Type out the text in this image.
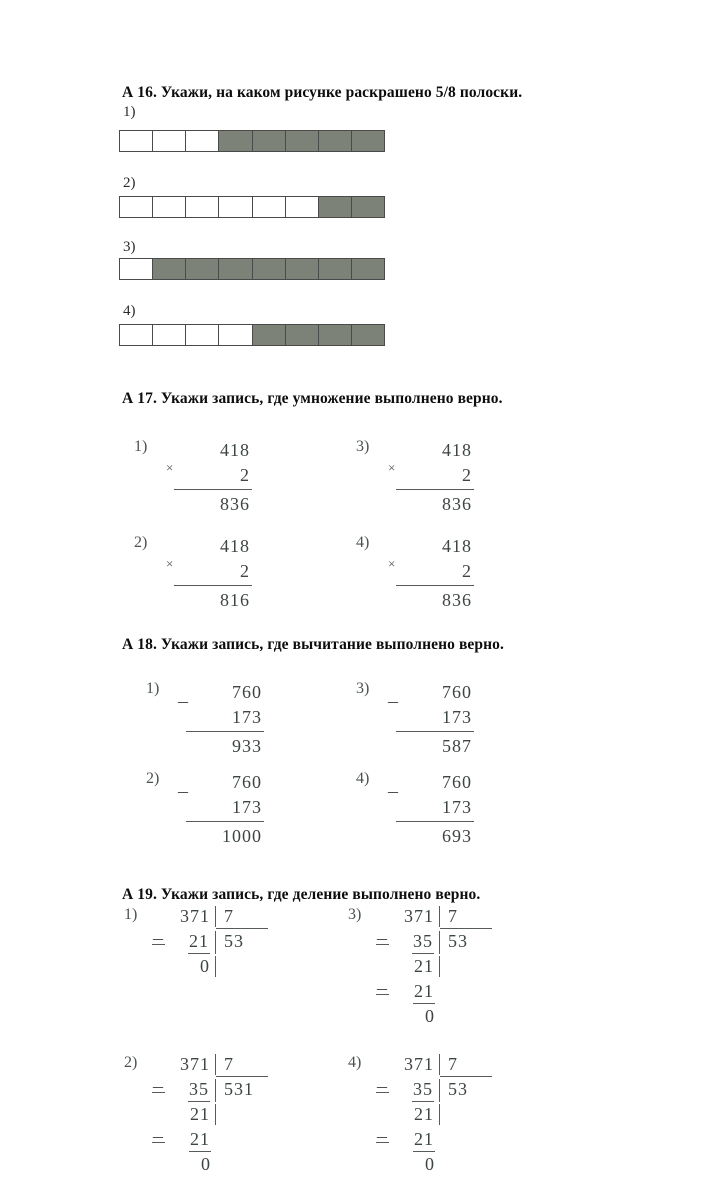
А 16. Укажи, на каком рисунке раскрашено 5/8 полоски.
1)
2)
3)
4)
А 17. Укажи запись, где умножение выполнено верно.
1)
×
418
2
836
2)
×
418
2
816
3)
×
418
2
836
4)
×
418
2
836
А 18. Укажи запись, где вычитание выполнено верно.
1)
–	760
173
933
2)
–	760
173
1000
3)
–	760
173
587
4)
–	760
173
693
А 19. Укажи запись, где деление выполнено верно.
1)	371 7
– 21 53
0
2)	371 7
– 35 531
21
– 21
0
3)	371 7
– 35 53
21
– 21
0
4)	371 7
– 35 53
21
– 21
0
